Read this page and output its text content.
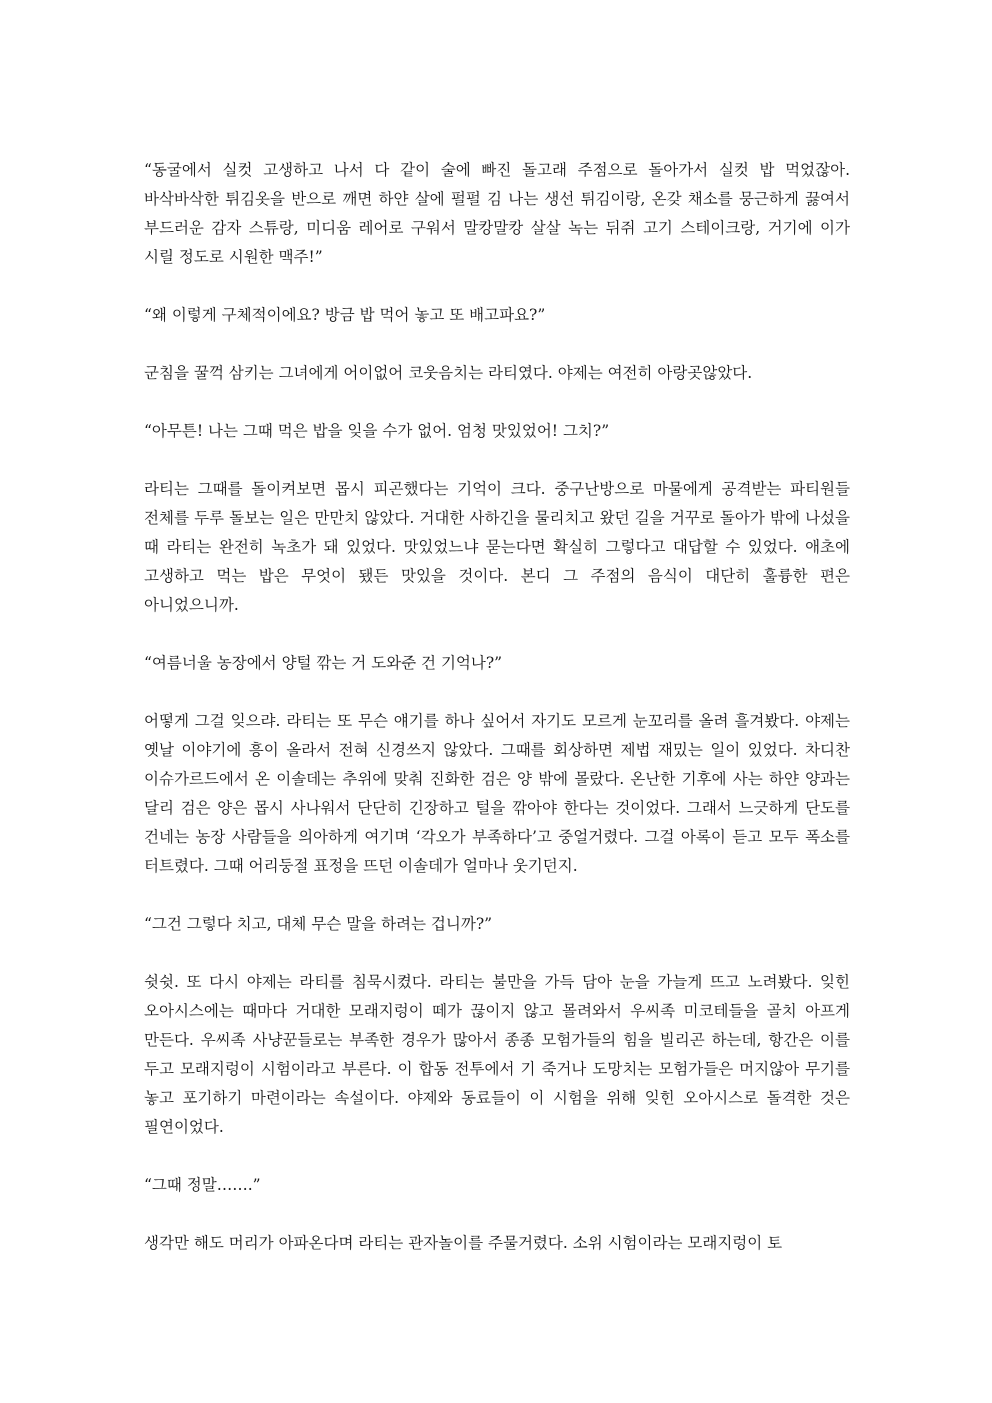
“동굴에서 실컷 고생하고 나서 다 같이 술에 빠진 돌고래 주점으로 돌아가서 실컷 밥 먹었잖아. 바삭바삭한 튀김옷을 반으로 깨면 하얀 살에 펄펄 김 나는 생선 튀김이랑, 온갖 채소를 뭉근하게 끓여서 부드러운 감자 스튜랑, 미디움 레어로 구워서 말캉말캉 살살 녹는 뒤쥐 고기 스테이크랑, 거기에 이가 시릴 정도로 시원한 맥주!”

“왜 이렇게 구체적이에요? 방금 밥 먹어 놓고 또 배고파요?”

군침을 꿀꺽 삼키는 그녀에게 어이없어 코웃음치는 라티였다. 야제는 여전히 아랑곳않았다.

“아무튼! 나는 그때 먹은 밥을 잊을 수가 없어. 엄청 맛있었어! 그치?”

라티는 그때를 돌이켜보면 몹시 피곤했다는 기억이 크다. 중구난방으로 마물에게 공격받는 파티원들 전체를 두루 돌보는 일은 만만치 않았다. 거대한 사하긴을 물리치고 왔던 길을 거꾸로 돌아가 밖에 나섰을 때 라티는 완전히 녹초가 돼 있었다. 맛있었느냐 묻는다면 확실히 그렇다고 대답할 수 있었다. 애초에 고생하고 먹는 밥은 무엇이 됐든 맛있을 것이다. 본디 그 주점의 음식이 대단히 훌륭한 편은 아니었으니까.

“여름너울 농장에서 양털 깎는 거 도와준 건 기억나?”

어떻게 그걸 잊으랴. 라티는 또 무슨 얘기를 하나 싶어서 자기도 모르게 눈꼬리를 올려 흘겨봤다. 야제는 옛날 이야기에 흥이 올라서 전혀 신경쓰지 않았다. 그때를 회상하면 제법 재밌는 일이 있었다. 차디찬 이슈가르드에서 온 이솔데는 추위에 맞춰 진화한 검은 양 밖에 몰랐다. 온난한 기후에 사는 하얀 양과는 달리 검은 양은 몹시 사나워서 단단히 긴장하고 털을 깎아야 한다는 것이었다. 그래서 느긋하게 단도를 건네는 농장 사람들을 의아하게 여기며 ‘각오가 부족하다’고 중얼거렸다. 그걸 아록이 듣고 모두 폭소를 터트렸다. 그때 어리둥절 표정을 뜨던 이솔데가 얼마나 웃기던지.

“그건 그렇다 치고, 대체 무슨 말을 하려는 겁니까?”

쉿쉿. 또 다시 야제는 라티를 침묵시켰다. 라티는 불만을 가득 담아 눈을 가늘게 뜨고 노려봤다. 잊힌 오아시스에는 때마다 거대한 모래지렁이 떼가 끊이지 않고 몰려와서 우씨족 미코테들을 골치 아프게 만든다. 우씨족 사냥꾼들로는 부족한 경우가 많아서 종종 모험가들의 힘을 빌리곤 하는데, 항간은 이를 두고 모래지렁이 시험이라고 부른다. 이 합동 전투에서 기 죽거나 도망치는 모험가들은 머지않아 무기를 놓고 포기하기 마련이라는 속설이다. 야제와 동료들이 이 시험을 위해 잊힌 오아시스로 돌격한 것은 필연이었다.

“그때 정말…….”

생각만 해도 머리가 아파온다며 라티는 관자놀이를 주물거렸다. 소위 시험이라는 모래지렁이 토
